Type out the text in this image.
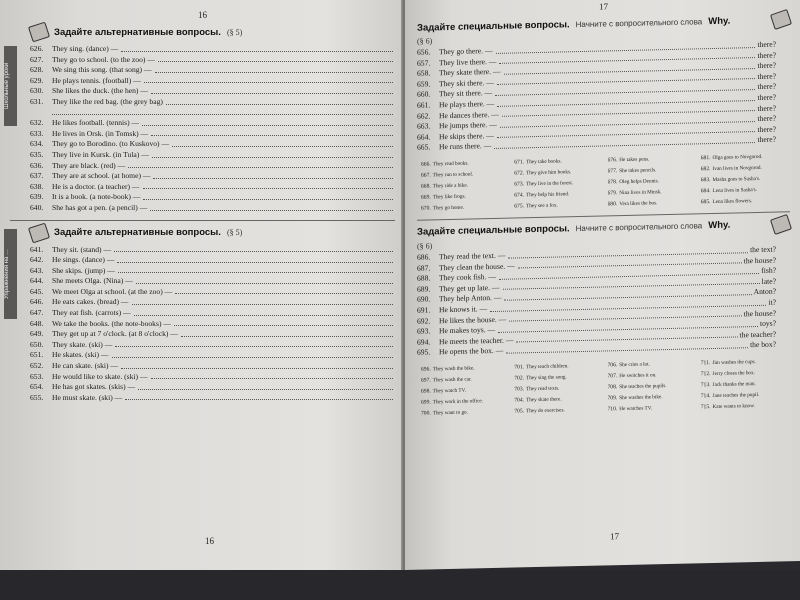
16
Школьные уроки
Задайте альтернативные вопросы. (§ 5)
626.	They sing. (dance) —
627.	They go to school. (to the zoo) —
628.	We sing this song. (that song) —
629.	He plays tennis. (football) —
630.	She likes the duck. (the hen) —
631.	They like the red bag. (the grey bag)
632.	He likes football. (tennis) —
633.	He lives in Orsk. (in Tomsk) —
634.	They go to Borodino. (to Kuskovo) —
635.	They live in Kursk. (in Tula) —
636.	They are black. (red) —
637.	They are at school. (at home) —
638.	He is a doctor. (a teacher) —
639.	It is a book. (a note-book) —
640.	She has got a pen. (a pencil) —
Упражнения на …
Задайте альтернативные вопросы. (§ 5)
641.	They sit. (stand) —
642.	He sings. (dance) —
643.	She skips. (jump) —
644.	She meets Olga. (Nina) —
645.	We meet Olga at school. (at the zoo) —
646.	He eats cakes. (bread) —
647.	They eat fish. (carrots) —
648.	We take the books. (the note-books) —
649.	They get up at 7 o'clock. (at 8 o'clock) —
650.	They skate. (ski) —
651.	He skates. (ski) —
652.	He can skate. (ski) —
653.	He would like to skate. (ski) —
654.	He has got skates. (skis) —
655.	He must skate. (ski) —
16
17
Задайте специальные вопросы. Начните с вопросительного слова Why.
(§ 6)
656.	They go there. —
there?
657.	They live there. —
there?
658.	They skate there. —
there?
659.	They ski there. —
there?
660.	They sit there. —
there?
661.	He plays there. —
there?
662.	He dances there. —
there?
663.	He jumps there. —
there?
664.	He skips there. —
there?
665.	He runs there. —
there?
666. They read books.	671. They take books.	676. He takes pens.	681. Olga goes to Novgorod.
667. They run to school.	672. They give him books.	677. She takes pencils.	682. Ivan lives in Novgorod.
668. They ride a bike.	673. They live in the forest.	678. Oleg helps Dennis.	683. Masha goes to Sasha's.
669. They like frogs.	674. They help his friend.	679. Nina lives in Minsk.	684. Lena lives in Sasha's.
670. They go home.	675. They see a fox.	680. Vera likes the bus.	685. Lena likes flowers.
Задайте специальные вопросы. Начните с вопросительного слова Why.
(§ 6)
686.	They read the text. —
the text?
687.	They clean the house. —
the house?
688.	They cook fish. —
fish?
689.	They get up late. —
late?
690.	They help Anton. —
Anton?
691.	He knows it. —
it?
692.	He likes the house. —
the house?
693.	He makes toys. —
toys?
694.	He meets the teacher. —
the teacher?
695.	He opens the box. —
the box?
696. They wash the bike.	701. They teach children.	706. She cries a lot.	711. Jim washes the cups.
697. They wash the car.	702. They sing the song.	707. He switches it on.	712. Jerry closes the box.
698. They watch TV.	703. They read texts.	708. She teaches the pupils.	713. Jack thanks the man.
699. They work in the office.	704. They skate there.	709. She washes the bike.	714. Jane teaches the pupil.
700. They want to go.	705. They do exercises.	710. He watches TV.	715. Kate wants to know.
17
